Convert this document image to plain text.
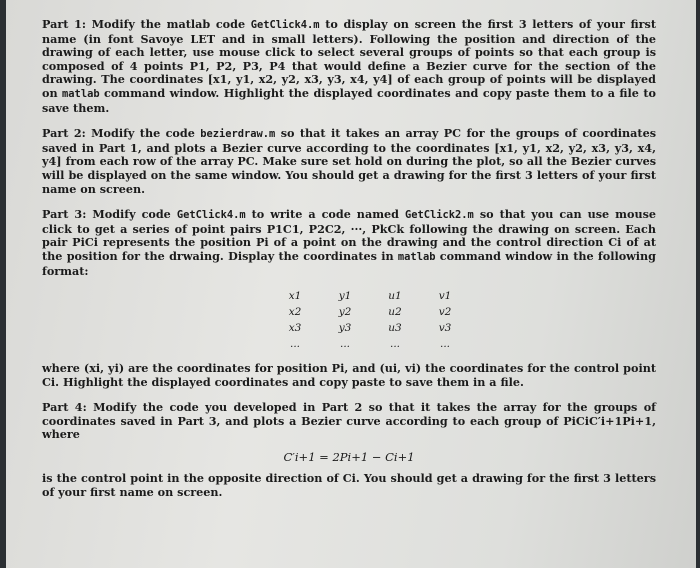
Part 1: Modify the matlab code GetClick4.m to display on screen the first 3 letters of your first name (in font Savoye LET and in small letters). Following the position and direction of the drawing of each letter, use mouse click to select several groups of points so that each group is composed of 4 points P1, P2, P3, P4 that would define a Bezier curve for the section of the drawing. The coordinates [x1, y1, x2, y2, x3, y3, x4, y4] of each group of points will be displayed on matlab command window. Highlight the displayed coordinates and copy paste them to a file to save them.

Part 2: Modify the code bezierdraw.m so that it takes an array PC for the groups of coordinates saved in Part 1, and plots a Bezier curve according to the coordinates [x1, y1, x2, y2, x3, y3, x4, y4] from each row of the array PC. Make sure set hold on during the plot, so all the Bezier curves will be displayed on the same window. You should get a drawing for the first 3 letters of your first name on screen.

Part 3: Modify code GetClick4.m to write a code named GetClick2.m so that you can use mouse click to get a series of point pairs P1C1, P2C2, ···, PkCk following the drawing on screen. Each pair PiCi represents the position Pi of a point on the drawing and the control direction Ci of at the position for the drwaing. Display the coordinates in matlab command window in the following format:

x1	y1	u1	v1
x2	y2	u2	v2
x3	y3	u3	v3
...	...	...	...

where (xi, yi) are the coordinates for position Pi, and (ui, vi) the coordinates for the control point Ci. Highlight the displayed coordinates and copy paste to save them in a file.

Part 4: Modify the code you developed in Part 2 so that it takes the array for the groups of coordinates saved in Part 3, and plots a Bezier curve according to each group of PiCiC′i+1Pi+1, where

C′i+1 = 2Pi+1 − Ci+1

is the control point in the opposite direction of Ci. You should get a drawing for the first 3 letters of your first name on screen.
